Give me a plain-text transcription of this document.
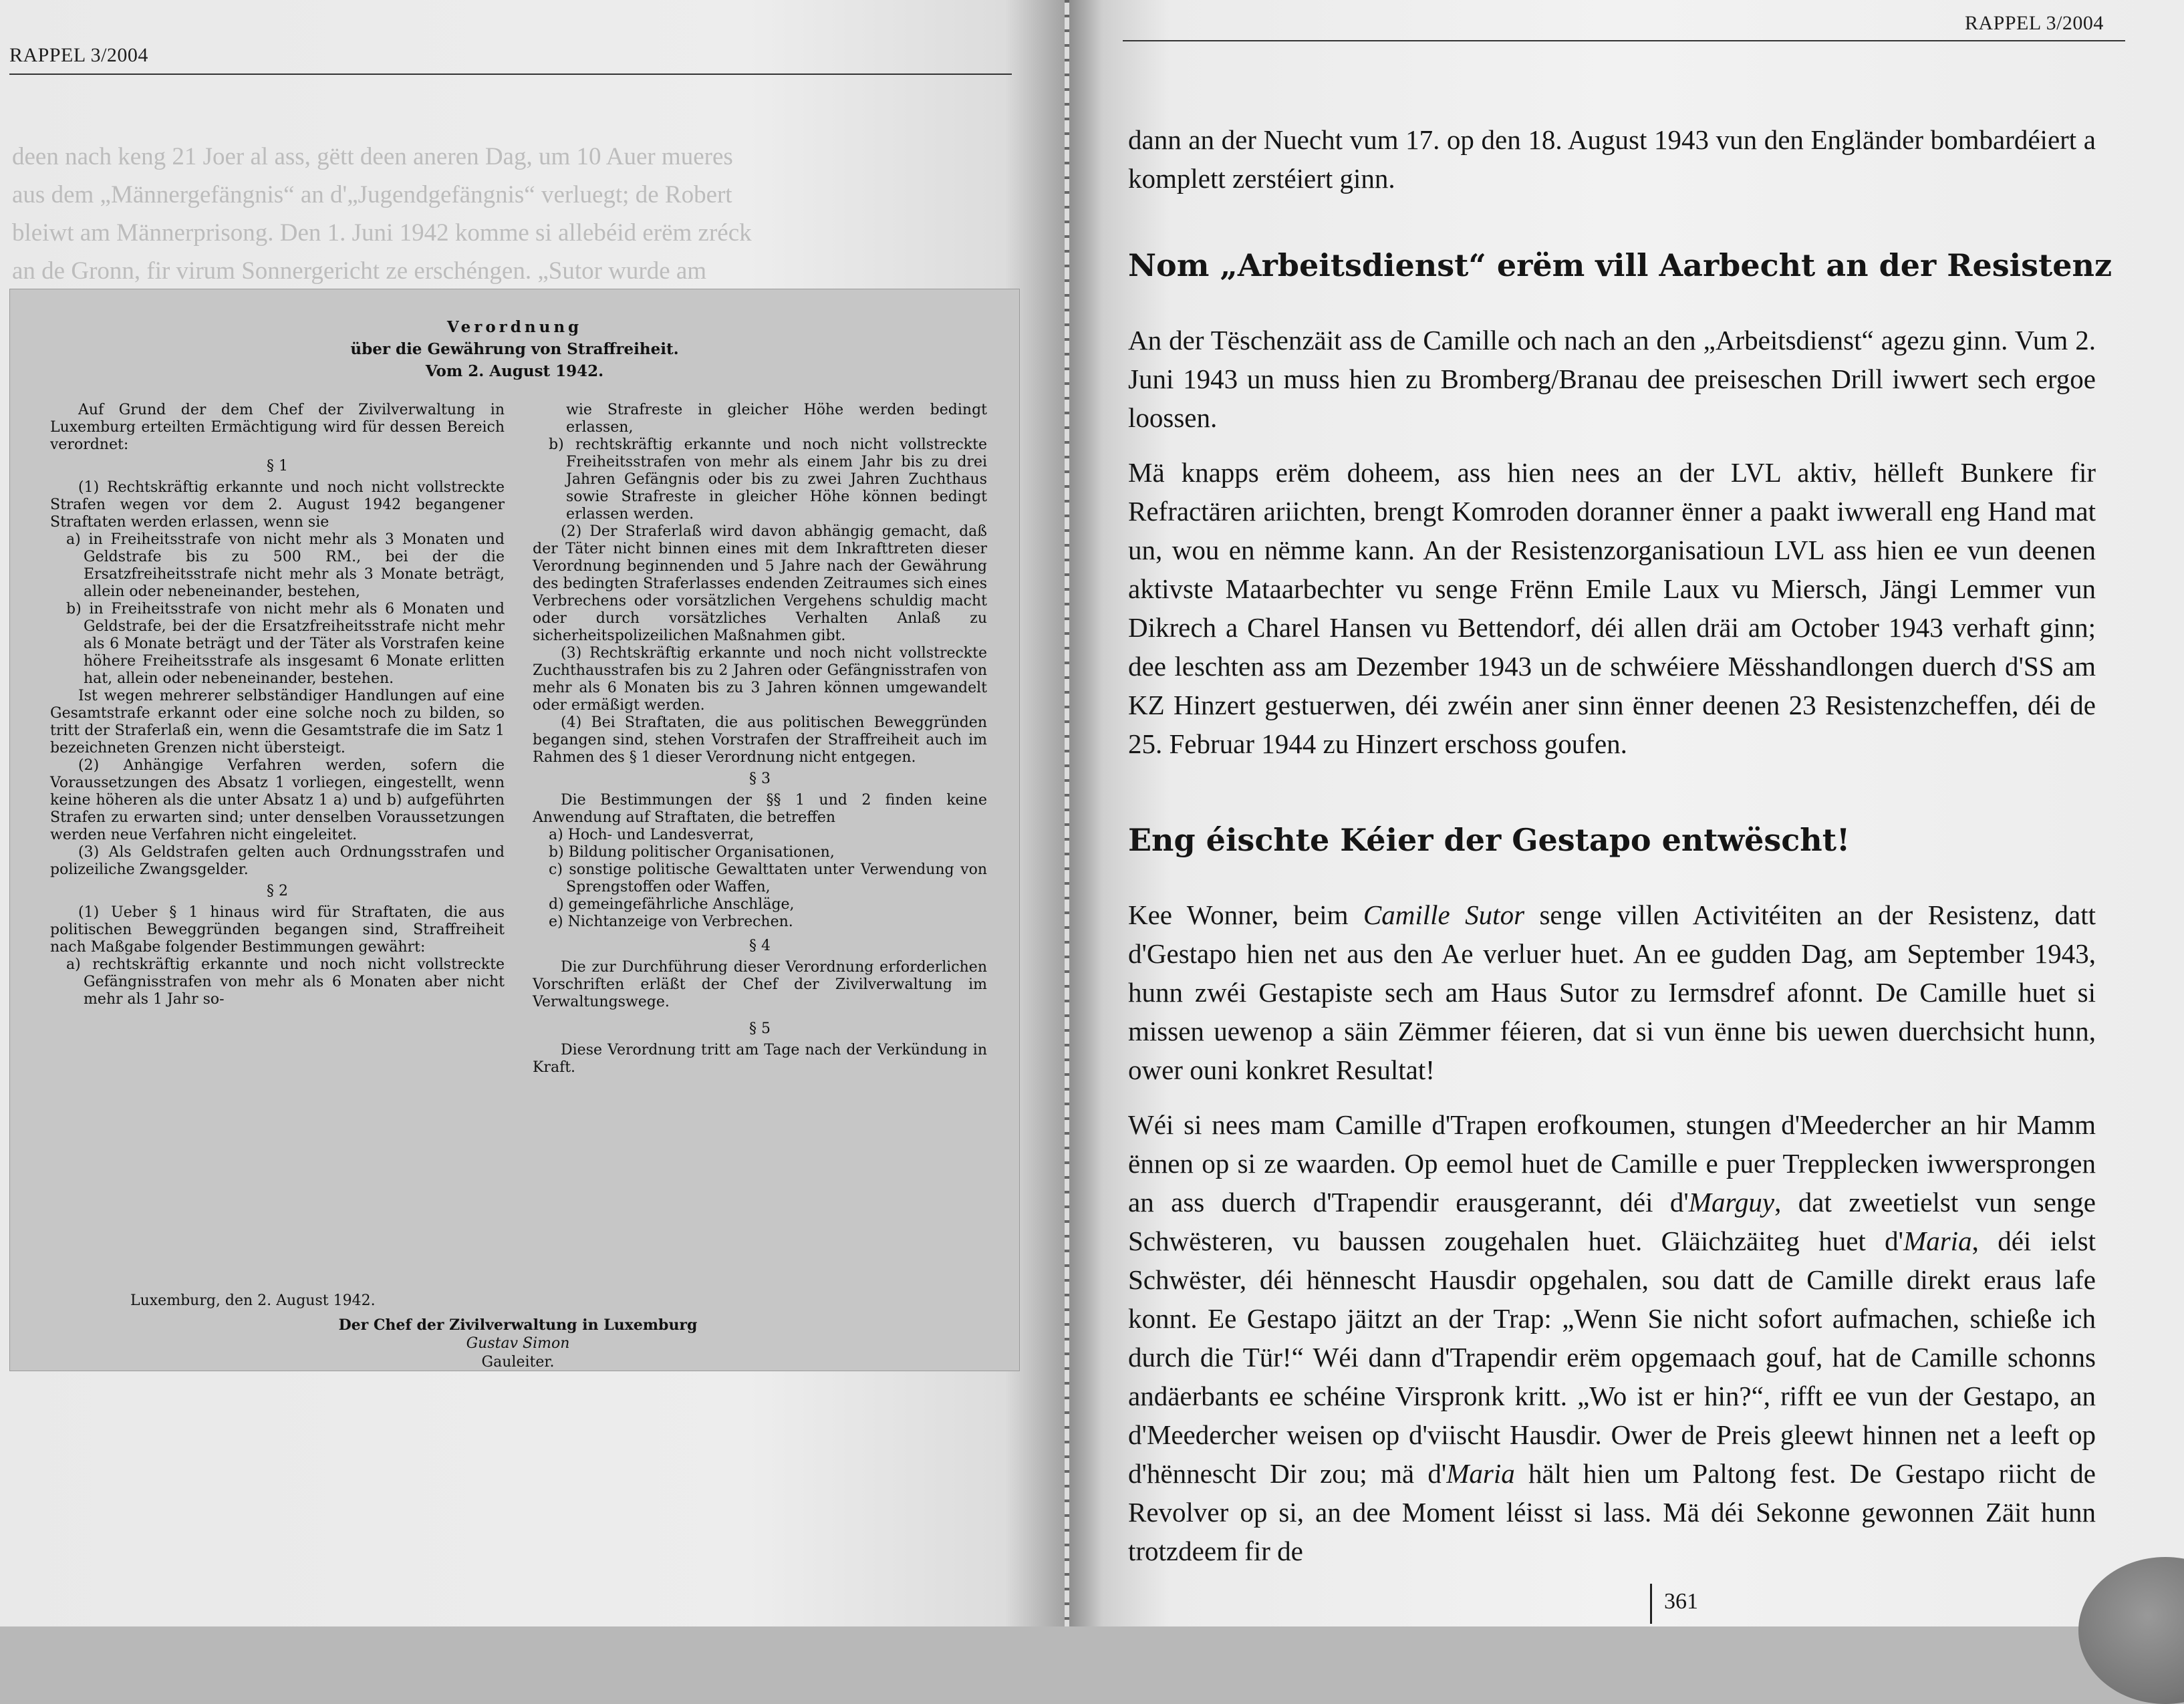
RAPPEL 3/2004
deen nach keng 21 Joer al ass, gëtt deen aneren Dag, um 10 Auer mueres
aus dem „Männergefängnis“ an d'„Jugendgefängnis“ verluegt; de Robert
bleiwt am Männerprisong. Den 1. Juni 1942 komme si allebéid erëm zréck
an de Gronn, fir virum Sonnergericht ze erschéngen. „Sutor wurde am
Verordnung
über die Gewährung von Straffreiheit.
Vom 2. August 1942.

Auf Grund der dem Chef der Zivilverwaltung in Luxemburg erteilten Ermächtigung wird für dessen Bereich verordnet:

§ 1

(1) Rechtskräftig erkannte und noch nicht vollstreckte Strafen wegen vor dem 2. August 1942 begangener Straftaten werden erlassen, wenn sie

a) in Freiheitsstrafe von nicht mehr als 3 Monaten und Geldstrafe bis zu 500 RM., bei der die Ersatzfreiheitsstrafe nicht mehr als 3 Monate beträgt, allein oder nebeneinander, bestehen,

b) in Freiheitsstrafe von nicht mehr als 6 Monaten und Geldstrafe, bei der die Ersatzfreiheitsstrafe nicht mehr als 6 Monate beträgt und der Täter als Vorstrafen keine höhere Freiheitsstrafe als insgesamt 6 Monate erlitten hat, allein oder nebeneinander, bestehen.

Ist wegen mehrerer selbständiger Handlungen auf eine Gesamtstrafe erkannt oder eine solche noch zu bilden, so tritt der Straferlaß ein, wenn die Gesamtstrafe die im Satz 1 bezeichneten Grenzen nicht übersteigt.

(2) Anhängige Verfahren werden, sofern die Voraussetzungen des Absatz 1 vorliegen, eingestellt, wenn keine höheren als die unter Absatz 1 a) und b) aufgeführten Strafen zu erwarten sind; unter denselben Voraussetzungen werden neue Verfahren nicht eingeleitet.

(3) Als Geldstrafen gelten auch Ordnungsstrafen und polizeiliche Zwangsgelder.

§ 2

(1) Ueber § 1 hinaus wird für Straftaten, die aus politischen Beweggründen begangen sind, Straffreiheit nach Maßgabe folgender Bestimmungen gewährt:

a) rechtskräftig erkannte und noch nicht vollstreckte Gefängnisstrafen von mehr als 6 Monaten aber nicht mehr als 1 Jahr so-

wie Strafreste in gleicher Höhe werden bedingt erlassen,

b) rechtskräftig erkannte und noch nicht vollstreckte Freiheitsstrafen von mehr als einem Jahr bis zu drei Jahren Gefängnis oder bis zu zwei Jahren Zuchthaus sowie Strafreste in gleicher Höhe können bedingt erlassen werden.

(2) Der Straferlaß wird davon abhängig gemacht, daß der Täter nicht binnen eines mit dem Inkrafttreten dieser Verordnung beginnenden und 5 Jahre nach der Gewährung des bedingten Straferlasses endenden Zeitraumes sich eines Verbrechens oder vorsätzlichen Vergehens schuldig macht oder durch vorsätzliches Verhalten Anlaß zu sicherheitspolizeilichen Maßnahmen gibt.

(3) Rechtskräftig erkannte und noch nicht vollstreckte Zuchthausstrafen bis zu 2 Jahren oder Gefängnisstrafen von mehr als 6 Monaten bis zu 3 Jahren können umgewandelt oder ermäßigt werden.

(4) Bei Straftaten, die aus politischen Beweggründen begangen sind, stehen Vorstrafen der Straffreiheit auch im Rahmen des § 1 dieser Verordnung nicht entgegen.

§ 3

Die Bestimmungen der §§ 1 und 2 finden keine Anwendung auf Straftaten, die betreffen

a) Hoch- und Landesverrat,

b) Bildung politischer Organisationen,

c) sonstige politische Gewalttaten unter Verwendung von Sprengstoffen oder Waffen,

d) gemeingefährliche Anschläge,

e) Nichtanzeige von Verbrechen.

§ 4

Die zur Durchführung dieser Verordnung erforderlichen Vorschriften erläßt der Chef der Zivilverwaltung im Verwaltungswege.

§ 5

Diese Verordnung tritt am Tage nach der Verkündung in Kraft.

Luxemburg, den 2. August 1942.
Der Chef der Zivilverwaltung in Luxemburg
Gustav Simon
Gauleiter.
RAPPEL 3/2004

dann an der Nuecht vum 17. op den 18. August 1943 vun den Engländer bombardéiert a komplett zerstéiert ginn.

Nom „Arbeitsdienst“ erëm vill Aarbecht an der Resistenz

An der Tëschenzäit ass de Camille och nach an den „Arbeitsdienst“ agezu ginn. Vum 2. Juni 1943 un muss hien zu Bromberg/Branau dee preiseschen Drill iwwert sech ergoe loossen.

Mä knapps erëm doheem, ass hien nees an der LVL aktiv, hëlleft Bunkere fir Refractären ariichten, brengt Komroden doranner ënner a paakt iwwerall eng Hand mat un, wou en nëmme kann. An der Resistenzorganisatioun LVL ass hien ee vun deenen aktivste Mataarbechter vu senge Frënn Emile Laux vu Miersch, Jängi Lemmer vun Dikrech a Charel Hansen vu Bettendorf, déi allen dräi am October 1943 verhaft ginn; dee leschten ass am Dezember 1943 un de schwéiere Mësshandlongen duerch d'SS am KZ Hinzert gestuerwen, déi zwéin aner sinn ënner deenen 23 Resistenzcheffen, déi de 25. Februar 1944 zu Hinzert erschoss goufen.

Eng éischte Kéier der Gestapo entwëscht!

Kee Wonner, beim Camille Sutor senge villen Activitéiten an der Resistenz, datt d'Gestapo hien net aus den Ae verluer huet. An ee gudden Dag, am September 1943, hunn zwéi Gestapiste sech am Haus Sutor zu Iermsdref afonnt. De Camille huet si missen uewenop a säin Zëmmer féieren, dat si vun ënne bis uewen duerchsicht hunn, ower ouni konkret Resultat!

Wéi si nees mam Camille d'Trapen erofkoumen, stungen d'Meedercher an hir Mamm ënnen op si ze waarden. Op eemol huet de Camille e puer Trepplecken iwwersprongen an ass duerch d'Trapendir erausgerannt, déi d'Marguy, dat zweetielst vun senge Schwësteren, vu baussen zougehalen huet. Gläichzäiteg huet d'Maria, déi ielst Schwëster, déi hënnescht Hausdir opgehalen, sou datt de Camille direkt eraus lafe konnt. Ee Gestapo jäitzt an der Trap: „Wenn Sie nicht sofort aufmachen, schieße ich durch die Tür!“ Wéi dann d'Trapendir erëm opgemaach gouf, hat de Camille schonns andäerbants ee schéine Virspronk kritt. „Wo ist er hin?“, rifft ee vun der Gestapo, an d'Meedercher weisen op d'viischt Hausdir. Ower de Preis gleewt hinnen net a leeft op d'hënnescht Dir zou; mä d'Maria hält hien um Paltong fest. De Gestapo riicht de Revolver op si, an dee Moment léisst si lass. Mä déi Sekonne gewonnen Zäit hunn trotzdeem fir de

361
